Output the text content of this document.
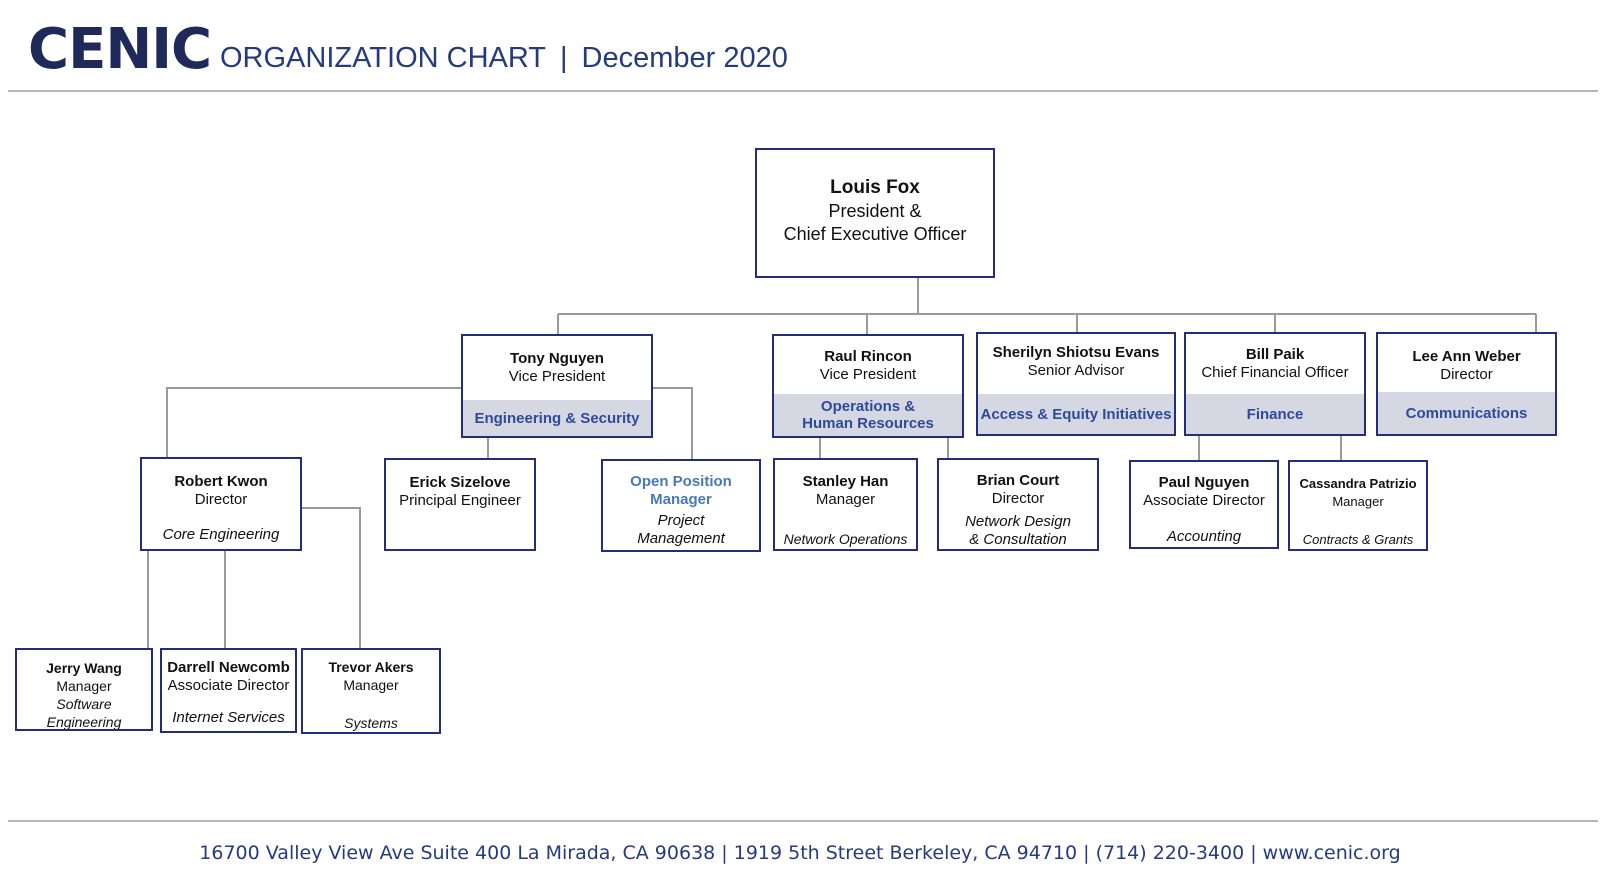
CENIC ORGANIZATION CHART | December 2020
Louis Fox
President &
Chief Executive Officer
Tony Nguyen
Vice President
Engineering & Security
Raul Rincon
Vice President
Operations &
Human Resources
Sherilyn Shiotsu Evans
Senior Advisor
Access & Equity Initiatives
Bill Paik
Chief Financial Officer
Finance
Lee Ann Weber
Director
Communications
Robert Kwon
Director
Core Engineering
Erick Sizelove
Principal Engineer
Open Position
Manager
Project
Management
Stanley Han
Manager
Network Operations
Brian Court
Director
Network Design
& Consultation
Paul Nguyen
Associate Director
Accounting
Cassandra Patrizio
Manager
Contracts & Grants
Jerry Wang
Manager
Software
Engineering
Darrell Newcomb
Associate Director
Internet Services
Trevor Akers
Manager
Systems
16700 Valley View Ave Suite 400 La Mirada, CA 90638 | 1919 5th Street Berkeley, CA 94710 | (714) 220-3400 | www.cenic.org
